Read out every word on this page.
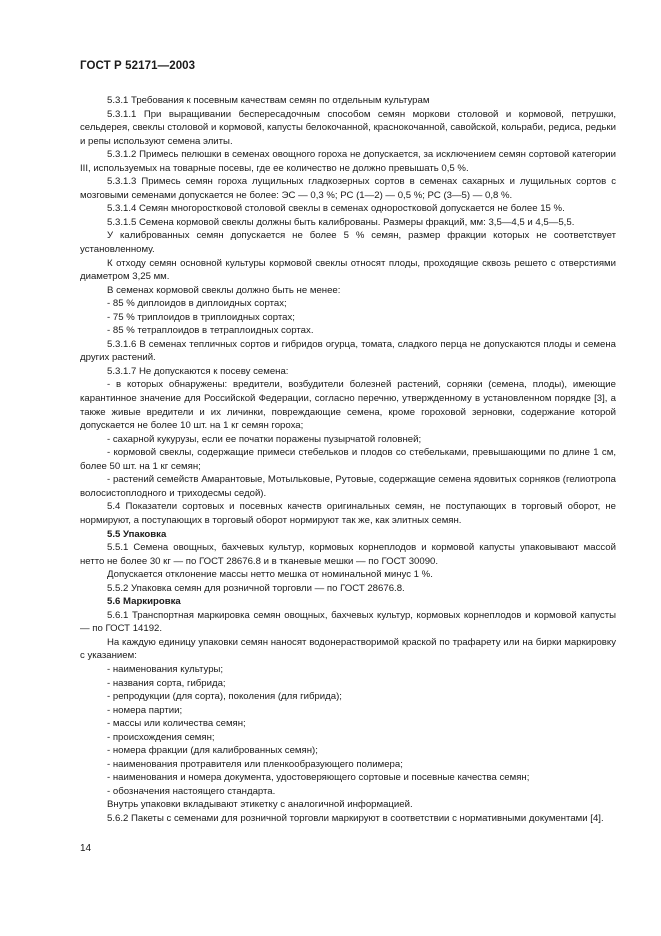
ГОСТ Р 52171—2003

5.3.1 Требования к посевным качествам семян по отдельным культурам

5.3.1.1 При выращивании беспересадочным способом семян моркови столовой и кормовой, петрушки, сельдерея, свеклы столовой и кормовой, капусты белокочанной, краснокочанной, савойской, кольраби, редиса, редьки и репы используют семена элиты.

5.3.1.2 Примесь пелюшки в семенах овощного гороха не допускается, за исключением семян сортовой категории III, используемых на товарные посевы, где ее количество не должно превышать 0,5 %.

5.3.1.3 Примесь семян гороха лущильных гладкозерных сортов в семенах сахарных и лущильных сортов с мозговыми семенами допускается не более: ЭС — 0,3 %; РС (1—2) — 0,5 %; РС (3—5) — 0,8 %.

5.3.1.4 Семян многоростковой столовой свеклы в семенах одноростковой допускается не более 15 %.

5.3.1.5 Семена кормовой свеклы должны быть калиброваны. Размеры фракций, мм: 3,5—4,5 и 4,5—5,5.

У калиброванных семян допускается не более 5 % семян, размер фракции которых не соответствует установленному.

К отходу семян основной культуры кормовой свеклы относят плоды, проходящие сквозь решето с отверстиями диаметром 3,25 мм.

В семенах кормовой свеклы должно быть не менее:

- 85 % диплоидов в диплоидных сортах;

- 75 % триплоидов в триплоидных сортах;

- 85 % тетраплоидов в тетраплоидных сортах.

5.3.1.6 В семенах тепличных сортов и гибридов огурца, томата, сладкого перца не допускаются плоды и семена других растений.

5.3.1.7 Не допускаются к посеву семена:

- в которых обнаружены: вредители, возбудители болезней растений, сорняки (семена, плоды), имеющие карантинное значение для Российской Федерации, согласно перечню, утвержденному в установленном порядке [3], а также живые вредители и их личинки, повреждающие семена, кроме гороховой зерновки, содержание которой допускается не более 10 шт. на 1 кг семян гороха;

- сахарной кукурузы, если ее початки поражены пузырчатой головней;

- кормовой свеклы, содержащие примеси стебельков и плодов со стебельками, превышающими по длине 1 см, более 50 шт. на 1 кг семян;

- растений семейств Амарантовые, Мотыльковые, Рутовые, содержащие семена ядовитых сорняков (гелиотропа волосистоплодного и триходесмы седой).

5.4 Показатели сортовых и посевных качеств оригинальных семян, не поступающих в торговый оборот, не нормируют, а поступающих в торговый оборот нормируют так же, как элитных семян.

5.5 Упаковка

5.5.1 Семена овощных, бахчевых культур, кормовых корнеплодов и кормовой капусты упаковывают массой нетто не более 30 кг — по ГОСТ 28676.8 и в тканевые мешки — по ГОСТ 30090.

Допускается отклонение массы нетто мешка от номинальной минус 1 %.

5.5.2 Упаковка семян для розничной торговли — по ГОСТ 28676.8.

5.6 Маркировка

5.6.1 Транспортная маркировка семян овощных, бахчевых культур, кормовых корнеплодов и кормовой капусты — по ГОСТ 14192.

На каждую единицу упаковки семян наносят водонерастворимой краской по трафарету или на бирки маркировку с указанием:

- наименования культуры;

- названия сорта, гибрида;

- репродукции (для сорта), поколения (для гибрида);

- номера партии;

- массы или количества семян;

- происхождения семян;

- номера фракции (для калиброванных семян);

- наименования протравителя или пленкообразующего полимера;

- наименования и номера документа, удостоверяющего сортовые и посевные качества семян;

- обозначения настоящего стандарта.

Внутрь упаковки вкладывают этикетку с аналогичной информацией.

5.6.2 Пакеты с семенами для розничной торговли маркируют в соответствии с нормативными документами [4].

14
